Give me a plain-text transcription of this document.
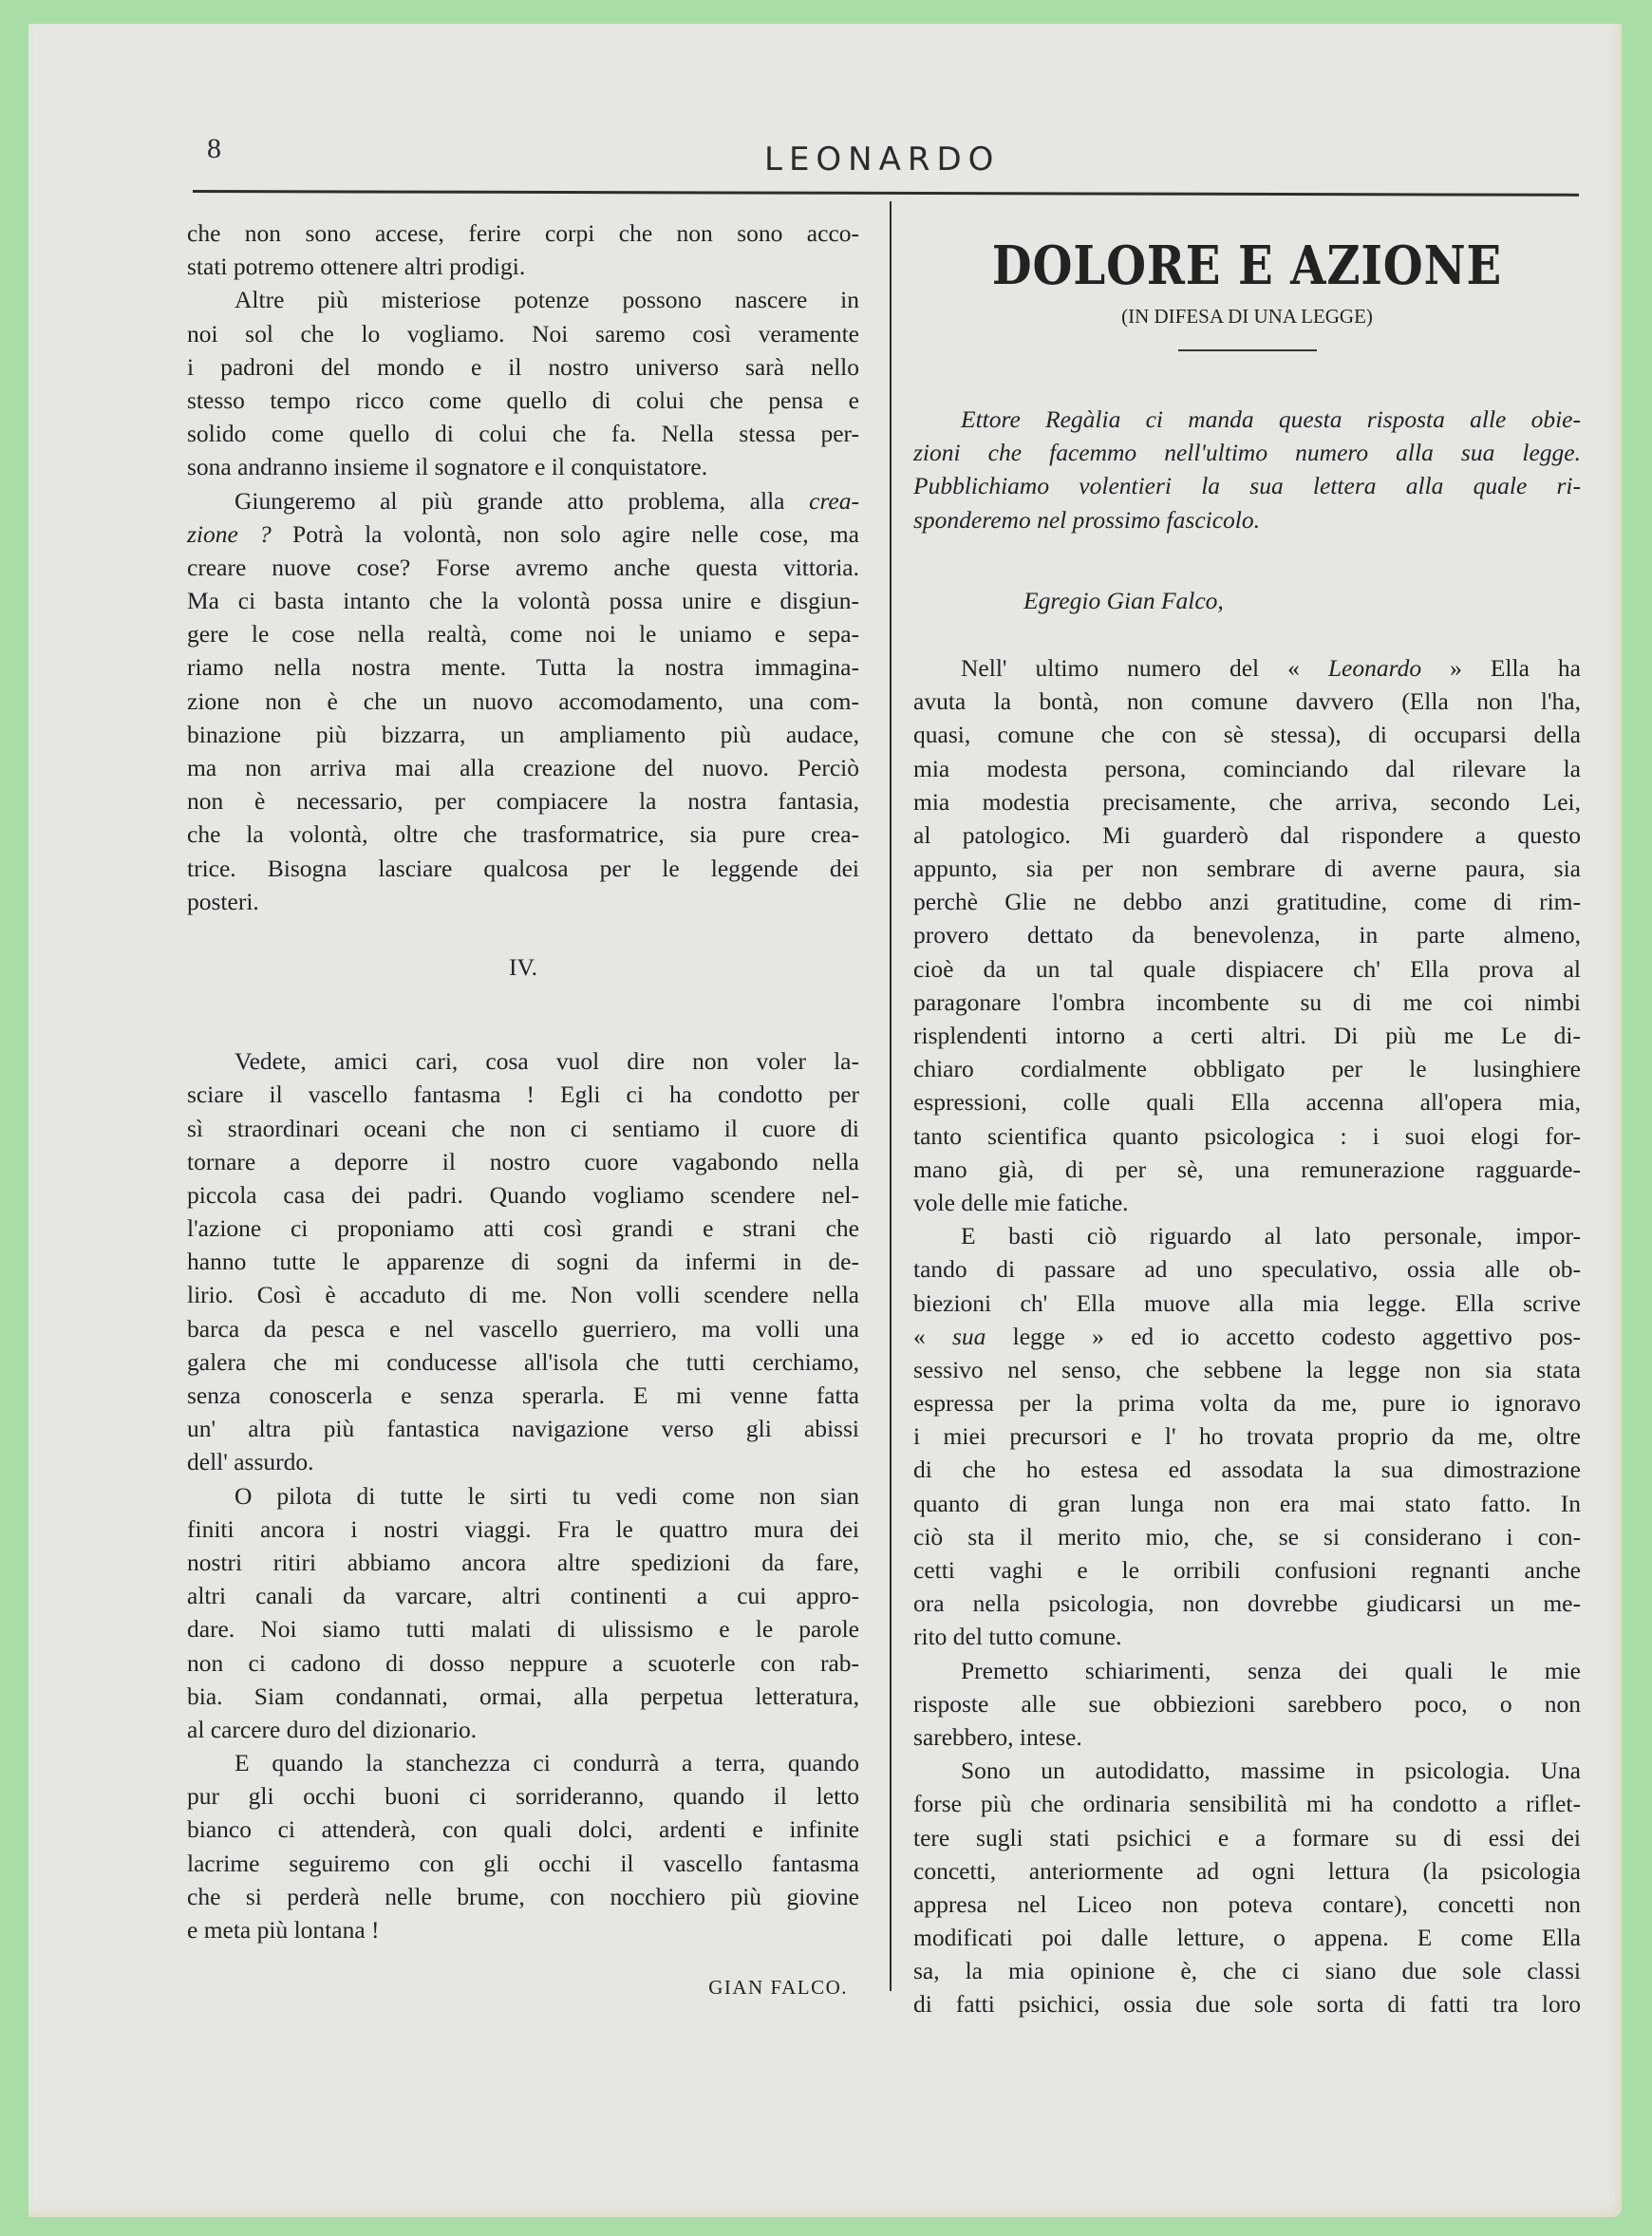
8	LEONARDO
che non sono accese, ferire corpi che non sono acco-
stati potremo ottenere altri prodigi.
Altre più misteriose potenze possono nascere in
noi sol che lo vogliamo. Noi saremo così veramente
i padroni del mondo e il nostro universo sarà nello
stesso tempo ricco come quello di colui che pensa e
solido come quello di colui che fa. Nella stessa per-
sona andranno insieme il sognatore e il conquistatore.
Giungeremo al più grande atto problema, alla crea-
zione ? Potrà la volontà, non solo agire nelle cose, ma
creare nuove cose? Forse avremo anche questa vittoria.
Ma ci basta intanto che la volontà possa unire e disgiun-
gere le cose nella realtà, come noi le uniamo e sepa-
riamo nella nostra mente. Tutta la nostra immagina-
zione non è che un nuovo accomodamento, una com-
binazione più bizzarra, un ampliamento più audace,
ma non arriva mai alla creazione del nuovo. Perciò
non è necessario, per compiacere la nostra fantasia,
che la volontà, oltre che trasformatrice, sia pure crea-
trice. Bisogna lasciare qualcosa per le leggende dei
posteri.
IV.
Vedete, amici cari, cosa vuol dire non voler la-
sciare il vascello fantasma ! Egli ci ha condotto per
sì straordinari oceani che non ci sentiamo il cuore di
tornare a deporre il nostro cuore vagabondo nella
piccola casa dei padri. Quando vogliamo scendere nel-
l'azione ci proponiamo atti così grandi e strani che
hanno tutte le apparenze di sogni da infermi in de-
lirio. Così è accaduto di me. Non volli scendere nella
barca da pesca e nel vascello guerriero, ma volli una
galera che mi conducesse all'isola che tutti cerchiamo,
senza conoscerla e senza sperarla. E mi venne fatta
un' altra più fantastica navigazione verso gli abissi
dell' assurdo.
O pilota di tutte le sirti tu vedi come non sian
finiti ancora i nostri viaggi. Fra le quattro mura dei
nostri ritiri abbiamo ancora altre spedizioni da fare,
altri canali da varcare, altri continenti a cui appro-
dare. Noi siamo tutti malati di ulissismo e le parole
non ci cadono di dosso neppure a scuoterle con rab-
bia. Siam condannati, ormai, alla perpetua letteratura,
al carcere duro del dizionario.
E quando la stanchezza ci condurrà a terra, quando
pur gli occhi buoni ci sorrideranno, quando il letto
bianco ci attenderà, con quali dolci, ardenti e infinite
lacrime seguiremo con gli occhi il vascello fantasma
che si perderà nelle brume, con nocchiero più giovine
e meta più lontana !
GIAN FALCO.
DOLORE E AZIONE
(IN DIFESA DI UNA LEGGE)
Ettore Regàlia ci manda questa risposta alle obie-
zioni che facemmo nell'ultimo numero alla sua legge.
Pubblichiamo volentieri la sua lettera alla quale ri-
sponderemo nel prossimo fascicolo.
Egregio Gian Falco,
Nell' ultimo numero del « Leonardo » Ella ha
avuta la bontà, non comune davvero (Ella non l'ha,
quasi, comune che con sè stessa), di occuparsi della
mia modesta persona, cominciando dal rilevare la
mia modestia precisamente, che arriva, secondo Lei,
al patologico. Mi guarderò dal rispondere a questo
appunto, sia per non sembrare di averne paura, sia
perchè Glie ne debbo anzi gratitudine, come di rim-
provero dettato da benevolenza, in parte almeno,
cioè da un tal quale dispiacere ch' Ella prova al
paragonare l'ombra incombente su di me coi nimbi
risplendenti intorno a certi altri. Di più me Le di-
chiaro cordialmente obbligato per le lusinghiere
espressioni, colle quali Ella accenna all'opera mia,
tanto scientifica quanto psicologica : i suoi elogi for-
mano già, di per sè, una remunerazione ragguarde-
vole delle mie fatiche.
E basti ciò riguardo al lato personale, impor-
tando di passare ad uno speculativo, ossia alle ob-
biezioni ch' Ella muove alla mia legge. Ella scrive
« sua legge » ed io accetto codesto aggettivo pos-
sessivo nel senso, che sebbene la legge non sia stata
espressa per la prima volta da me, pure io ignoravo
i miei precursori e l' ho trovata proprio da me, oltre
di che ho estesa ed assodata la sua dimostrazione
quanto di gran lunga non era mai stato fatto. In
ciò sta il merito mio, che, se si considerano i con-
cetti vaghi e le orribili confusioni regnanti anche
ora nella psicologia, non dovrebbe giudicarsi un me-
rito del tutto comune.
Premetto schiarimenti, senza dei quali le mie
risposte alle sue obbiezioni sarebbero poco, o non
sarebbero, intese.
Sono un autodidatto, massime in psicologia. Una
forse più che ordinaria sensibilità mi ha condotto a riflet-
tere sugli stati psichici e a formare su di essi dei
concetti, anteriormente ad ogni lettura (la psicologia
appresa nel Liceo non poteva contare), concetti non
modificati poi dalle letture, o appena. E come Ella
sa, la mia opinione è, che ci siano due sole classi
di fatti psichici, ossia due sole sorta di fatti tra loro
